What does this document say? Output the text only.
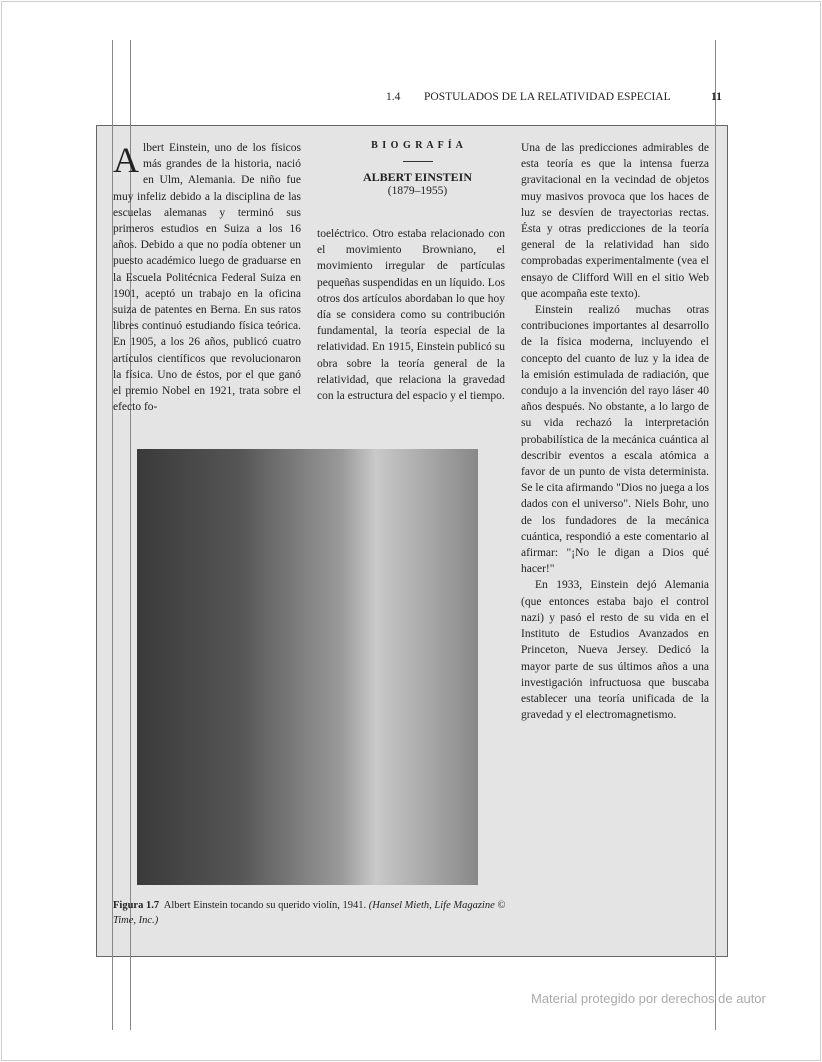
1.4 POSTULADOS DE LA RELATIVIDAD ESPECIAL	11

Albert Einstein, uno de los físicos más grandes de la historia, nació en Ulm, Alemania. De niño fue muy infeliz debido a la disciplina de las escuelas alemanas y terminó sus primeros estudios en Suiza a los 16 años. Debido a que no podía obtener un puesto académico luego de graduarse en la Escuela Politécnica Federal Suiza en 1901, aceptó un trabajo en la oficina suiza de patentes en Berna. En sus ratos libres continuó estudiando física teórica. En 1905, a los 26 años, publicó cuatro artículos científicos que revolucionaron la física. Uno de éstos, por el que ganó el premio Nobel en 1921, trata sobre el efecto fo-

B I O G R A F Í A
ALBERT EINSTEIN
(1879–1955)

toeléctrico. Otro estaba relacionado con el movimiento Browniano, el movimiento irregular de partículas pequeñas suspendidas en un líquido. Los otros dos artículos abordaban lo que hoy día se considera como su contribución fundamental, la teoría especial de la relatividad. En 1915, Einstein publicó su obra sobre la teoría general de la relatividad, que relaciona la gravedad con la estructura del espacio y el tiempo.

Una de las predicciones admirables de esta teoría es que la intensa fuerza gravitacional en la vecindad de objetos muy masivos provoca que los haces de luz se desvíen de trayectorias rectas. Ésta y otras predicciones de la teoría general de la relatividad han sido comprobadas experimentalmente (vea el ensayo de Clifford Will en el sitio Web que acompaña este texto).

Einstein realizó muchas otras contribuciones importantes al desarrollo de la física moderna, incluyendo el concepto del cuanto de luz y la idea de la emisión estimulada de radiación, que condujo a la invención del rayo láser 40 años después. No obstante, a lo largo de su vida rechazó la interpretación probabilística de la mecánica cuántica al describir eventos a escala atómica a favor de un punto de vista determinista. Se le cita afirmando "Dios no juega a los dados con el universo". Niels Bohr, uno de los fundadores de la mecánica cuántica, respondió a este comentario al afirmar: "¡No le digan a Dios qué hacer!"

En 1933, Einstein dejó Alemania (que entonces estaba bajo el control nazi) y pasó el resto de su vida en el Instituto de Estudios Avanzados en Princeton, Nueva Jersey. Dedicó la mayor parte de sus últimos años a una investigación infructuosa que buscaba establecer una teoría unificada de la gravedad y el electromagnetismo.

Figura 1.7 Albert Einstein tocando su querido violín, 1941. (Hansel Mieth, Life Magazine © Time, Inc.)
Material protegido por derechos de autor
